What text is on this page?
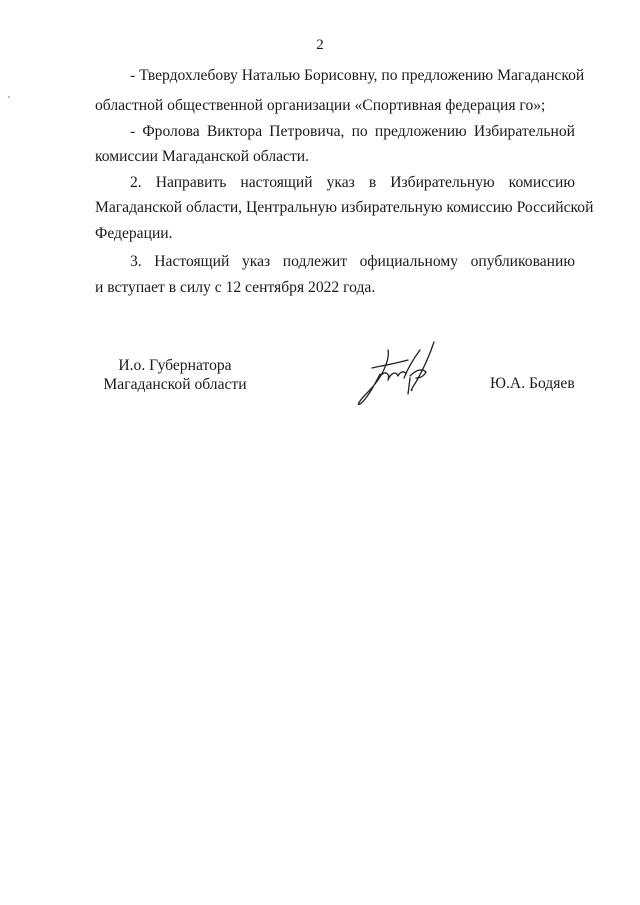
2
- Твердохлебову Наталью Борисовну, по предложению Магаданской
областной общественной организации «Спортивная федерация го»;
- Фролова Виктора Петровича, по предложению Избирательной
комиссии Магаданской области.
2. Направить настоящий указ в Избирательную комиссию
Магаданской области, Центральную избирательную комиссию Российской
Федерации.
3. Настоящий указ подлежит официальному опубликованию
и вступает в силу с 12 сентября 2022 года.
И.о. Губернатора
Магаданской области	Ю.А. Бодяев
